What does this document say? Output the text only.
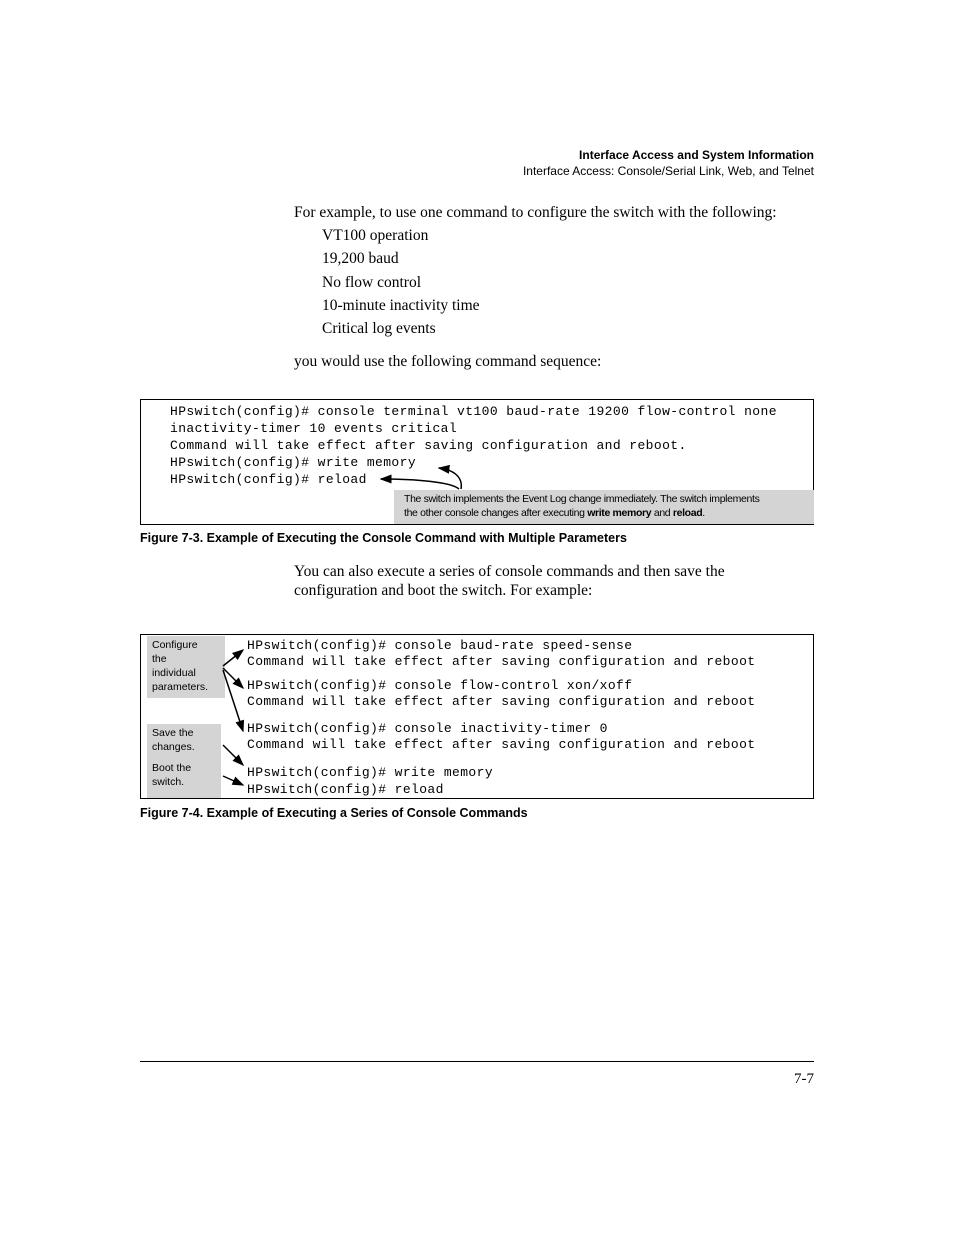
Interface Access and System Information
Interface Access: Console/Serial Link, Web, and Telnet
For example, to use one command to configure the switch with the following:
VT100 operation
19,200 baud
No flow control
10-minute inactivity time
Critical log events
you would use the following command sequence:
HPswitch(config)# console terminal vt100 baud-rate 19200 flow-control none
inactivity-timer 10 events critical
Command will take effect after saving configuration and reboot.
HPswitch(config)# write memory
HPswitch(config)# reload
The switch implements the Event Log change immediately. The switch implements
the other console changes after executing write memory and reload.
Figure 7-3. Example of Executing the Console Command with Multiple Parameters
You can also execute a series of console commands and then save the
configuration and boot the switch. For example:
Configure
the
individual
parameters.
Save the
changes.
Boot the
switch.
HPswitch(config)# console baud-rate speed-sense
Command will take effect after saving configuration and reboot
HPswitch(config)# console flow-control xon/xoff
Command will take effect after saving configuration and reboot
HPswitch(config)# console inactivity-timer 0
Command will take effect after saving configuration and reboot
HPswitch(config)# write memory
HPswitch(config)# reload
Figure 7-4. Example of Executing a Series of Console Commands
7-7
